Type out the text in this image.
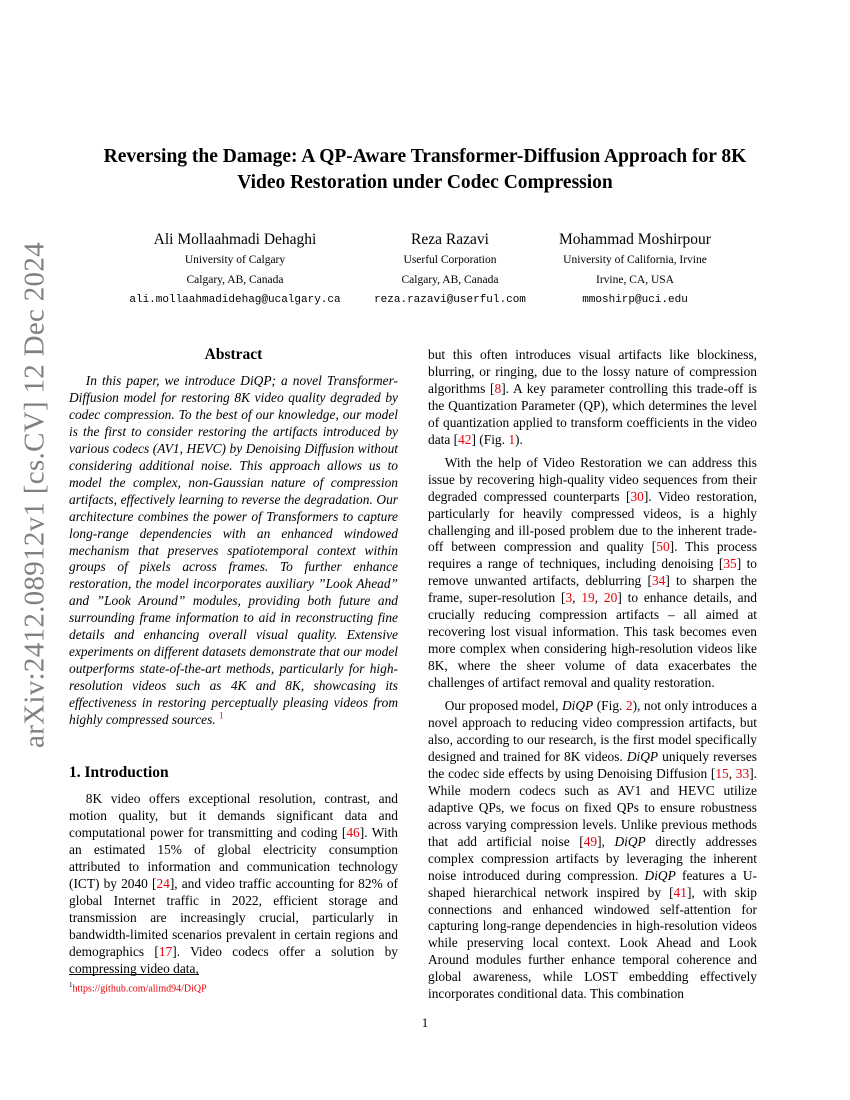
arXiv:2412.08912v1 [cs.CV] 12 Dec 2024
Reversing the Damage: A QP-Aware Transformer-Diffusion Approach for 8K
Video Restoration under Codec Compression
Ali Mollaahmadi Dehaghi
University of Calgary
Calgary, AB, Canada
ali.mollaahmadidehag@ucalgary.ca
Reza Razavi
Userful Corporation
Calgary, AB, Canada
reza.razavi@userful.com
Mohammad Moshirpour
University of California, Irvine
Irvine, CA, USA
mmoshirp@uci.edu
Abstract

In this paper, we introduce DiQP; a novel Transformer-Diffusion model for restoring 8K video quality degraded by codec compression. To the best of our knowledge, our model is the first to consider restoring the artifacts introduced by various codecs (AV1, HEVC) by Denoising Diffusion without considering additional noise. This approach allows us to model the complex, non-Gaussian nature of compression artifacts, effectively learning to reverse the degradation. Our architecture combines the power of Transformers to capture long-range dependencies with an enhanced windowed mechanism that preserves spatiotemporal context within groups of pixels across frames. To further enhance restoration, the model incorporates auxiliary ”Look Ahead” and ”Look Around” modules, providing both future and surrounding frame information to aid in reconstructing fine details and enhancing overall visual quality. Extensive experiments on different datasets demonstrate that our model outperforms state-of-the-art methods, particularly for high-resolution videos such as 4K and 8K, showcasing its effectiveness in restoring perceptually pleasing videos from highly compressed sources. $^1$

1. Introduction

8K video offers exceptional resolution, contrast, and motion quality, but it demands significant data and computational power for transmitting and coding [46]. With an estimated 15% of global electricity consumption attributed to information and communication technology (ICT) by 2040 [24], and video traffic accounting for 82% of global Internet traffic in 2022, efficient storage and transmission are increasingly crucial, particularly in bandwidth-limited scenarios prevalent in certain regions and demographics [17]. Video codecs offer a solution by compressing video data,

but this often introduces visual artifacts like blockiness, blurring, or ringing, due to the lossy nature of compression algorithms [8]. A key parameter controlling this trade-off is the Quantization Parameter (QP), which determines the level of quantization applied to transform coefficients in the video data [42] (Fig. 1).

With the help of Video Restoration we can address this issue by recovering high-quality video sequences from their degraded compressed counterparts [30]. Video restoration, particularly for heavily compressed videos, is a highly challenging and ill-posed problem due to the inherent trade-off between compression and quality [50]. This process requires a range of techniques, including denoising [35] to remove unwanted artifacts, deblurring [34] to sharpen the frame, super-resolution [3, 19, 20] to enhance details, and crucially reducing compression artifacts – all aimed at recovering lost visual information. This task becomes even more complex when considering high-resolution videos like 8K, where the sheer volume of data exacerbates the challenges of artifact removal and quality restoration.

Our proposed model, DiQP (Fig. 2), not only introduces a novel approach to reducing video compression artifacts, but also, according to our research, is the first model specifically designed and trained for 8K videos. DiQP uniquely reverses the codec side effects by using Denoising Diffusion [15, 33]. While modern codecs such as AV1 and HEVC utilize adaptive QPs, we focus on fixed QPs to ensure robustness across varying compression levels. Unlike previous methods that add artificial noise [49], DiQP directly addresses complex compression artifacts by leveraging the inherent noise introduced during compression. DiQP features a U-shaped hierarchical network inspired by [41], with skip connections and enhanced windowed self-attention for capturing long-range dependencies in high-resolution videos while preserving local context. Look Ahead and Look Around modules further enhance temporal coherence and global awareness, while LOST embedding effectively incorporates conditional data. This combination

$^1$https://github.com/alimd94/DiQP
1
